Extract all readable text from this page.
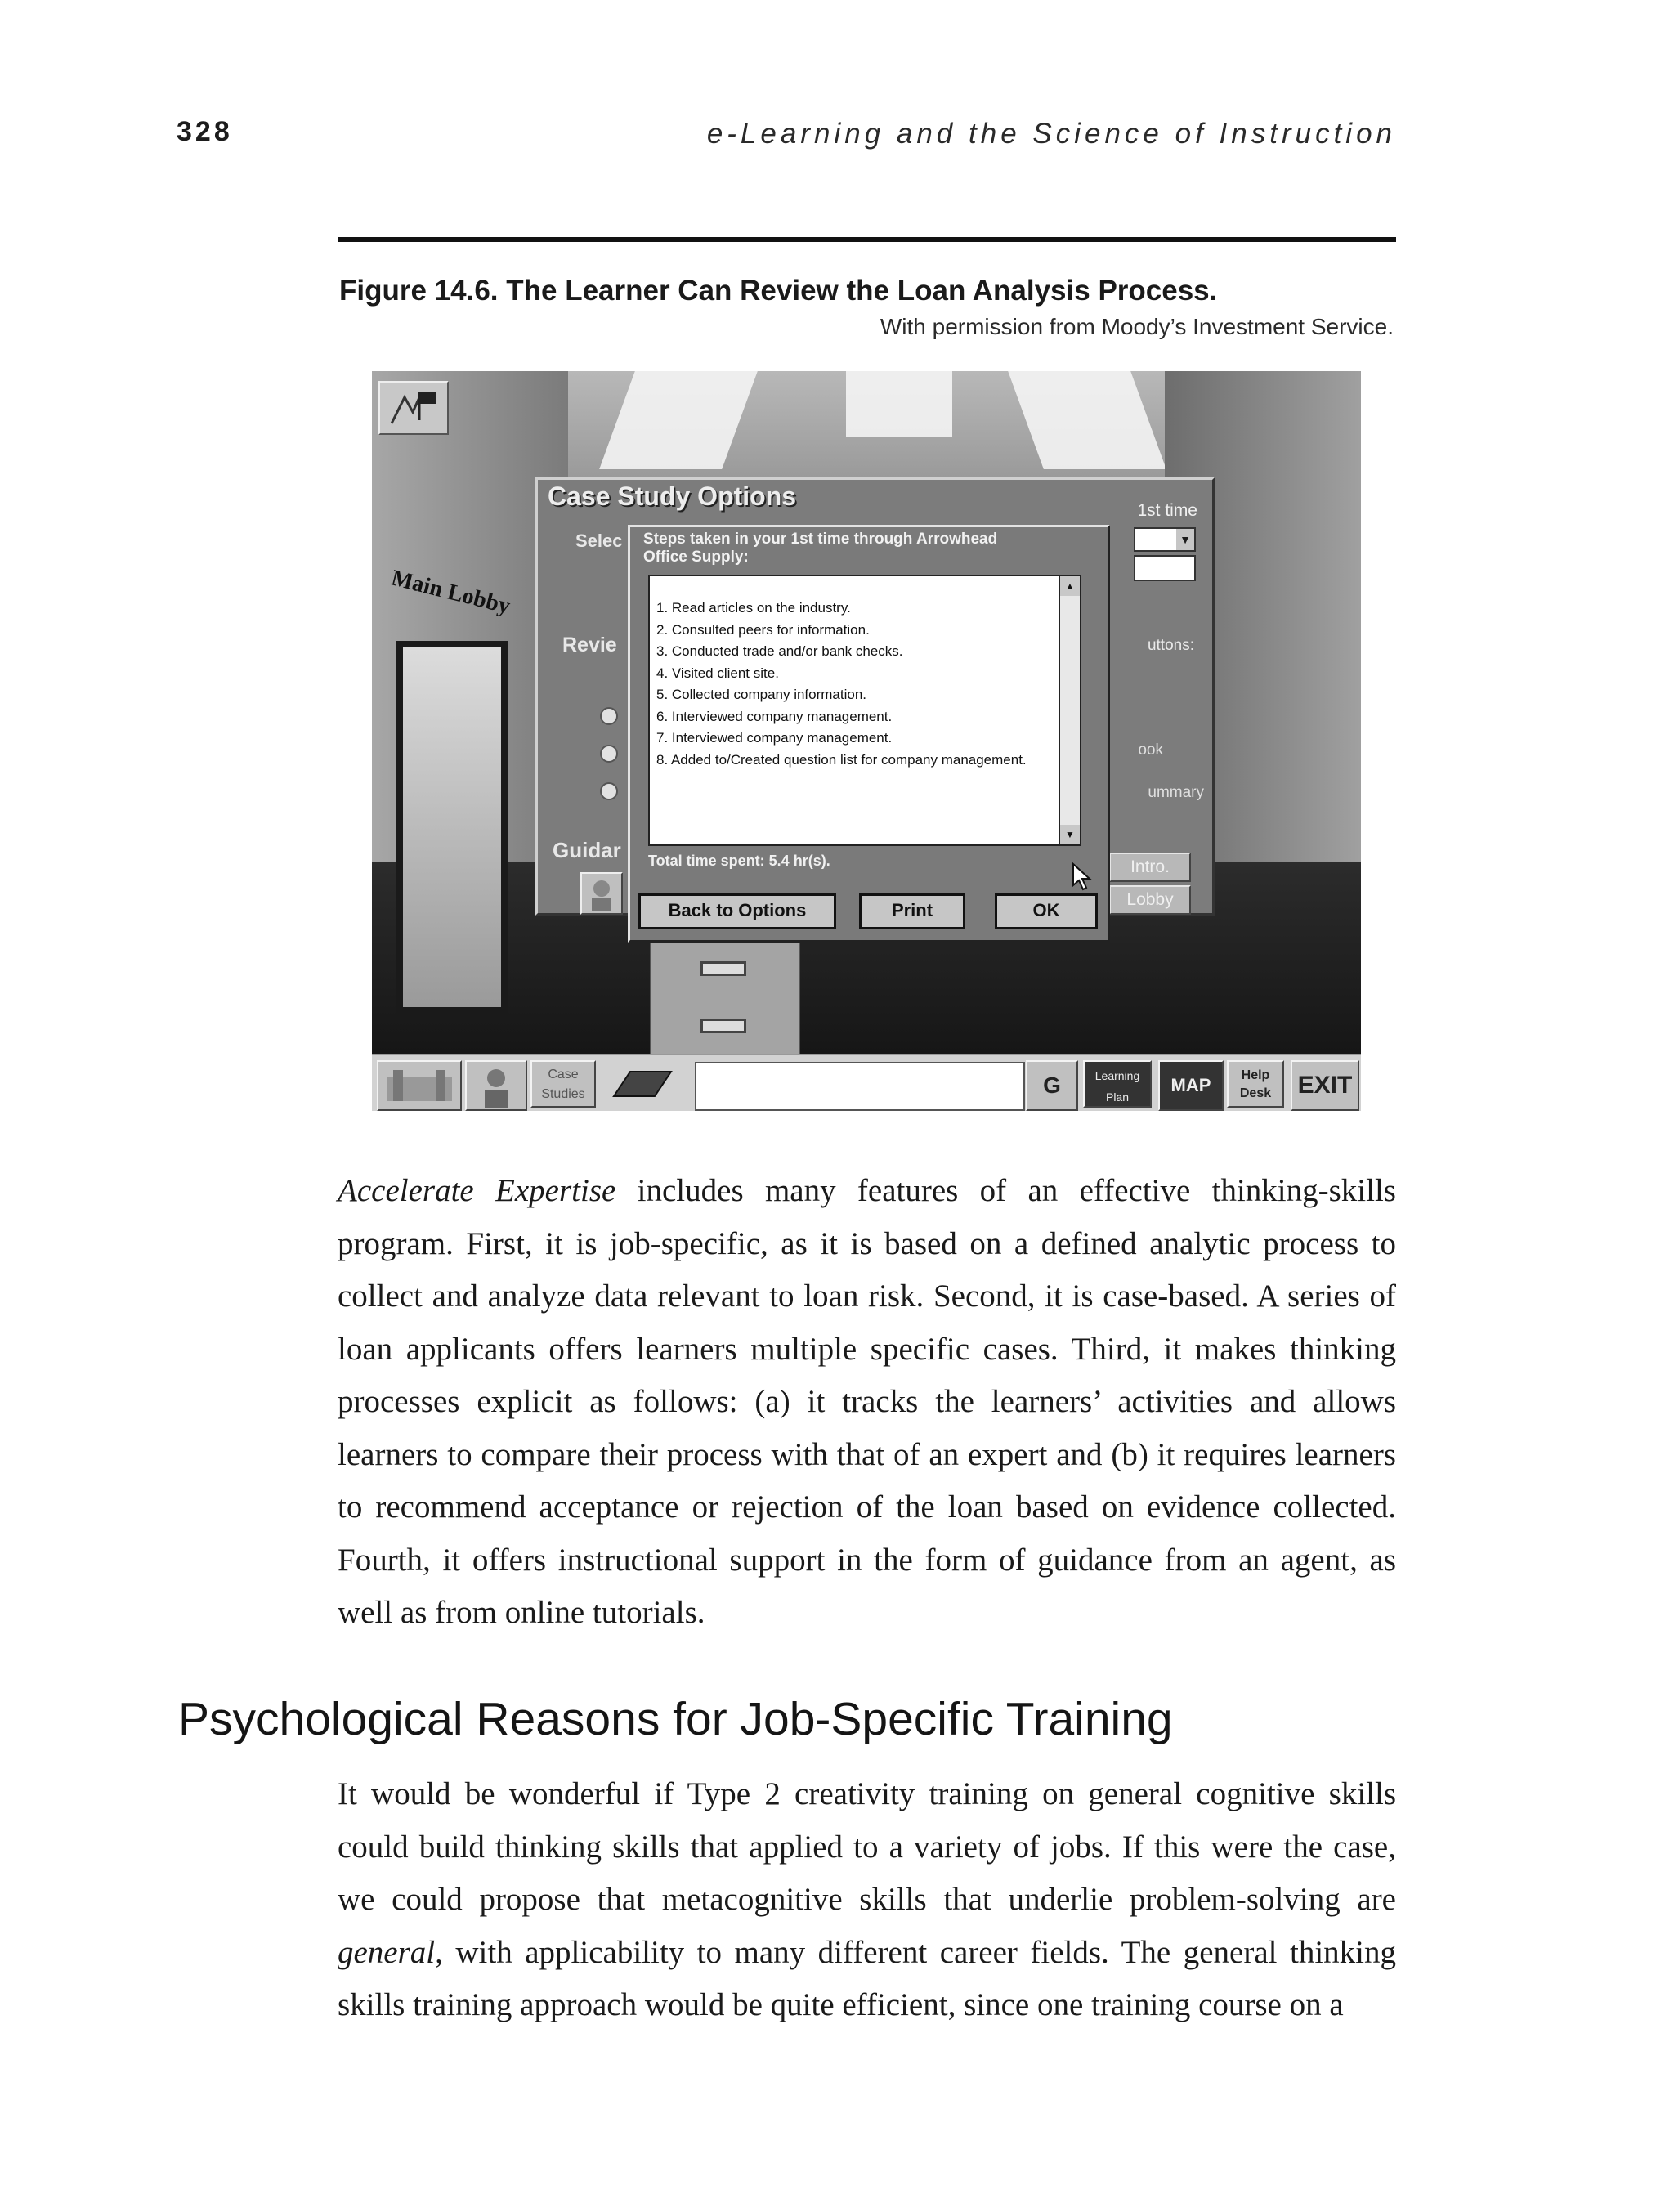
328	e-Learning and the Science of Instruction
Figure 14.6. The Learner Can Review the Loan Analysis Process.
With permission from Moody’s Investment Service.
Main Lobby
Case Study Options	1st time
Selec	▼
Revie	uttons:
ook
ummary
Guidar
Intro.
Lobby
Steps taken in your 1st time through Arrowhead Office Supply:
1. Read articles on the industry.
2. Consulted peers for information.
3. Conducted trade and/or bank checks.
4. Visited client site.
5. Collected company information.
6. Interviewed company management.
7. Interviewed company management.
8. Added to/Created question list for company management.
▲
▼
Total time spent: 5.4 hr(s).
Back to Options	Print	OK
Case Studies	G	Learning Plan
MAP	Help Desk	EXIT

Accelerate Expertise includes many features of an effective thinking-skills program. First, it is job-specific, as it is based on a defined analytic process to collect and analyze data relevant to loan risk. Second, it is case-based. A series of loan applicants offers learners multiple specific cases. Third, it makes thinking processes explicit as follows: (a) it tracks the learners’ activities and allows learners to compare their process with that of an expert and (b) it requires learners to recommend acceptance or rejection of the loan based on evidence collected. Fourth, it offers instructional support in the form of guidance from an agent, as well as from online tutorials.

Psychological Reasons for Job-Specific Training

It would be wonderful if Type 2 creativity training on general cognitive skills could build thinking skills that applied to a variety of jobs. If this were the case, we could propose that metacognitive skills that underlie problem-solving are general, with applicability to many different career fields. The general thinking skills training approach would be quite efficient, since one training course on a
